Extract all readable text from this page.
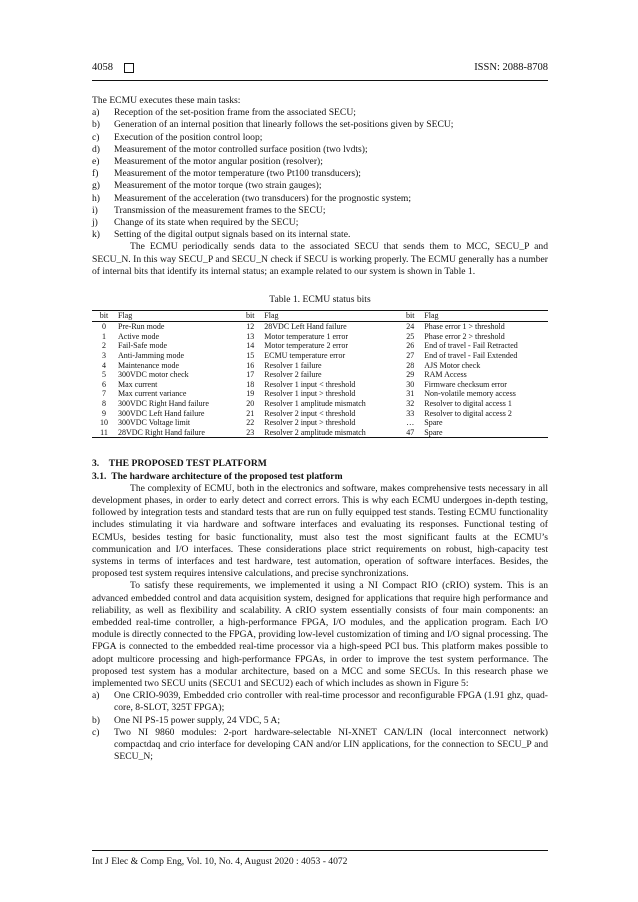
4058	ISSN: 2088-8708

The ECMU executes these main tasks:

a)	Reception of the set-position frame from the associated SECU;
b)	Generation of an internal position that linearly follows the set-positions given by SECU;
c)	Execution of the position control loop;
d)	Measurement of the motor controlled surface position (two lvdts);
e)	Measurement of the motor angular position (resolver);
f)	Measurement of the motor temperature (two Pt100 transducers);
g)	Measurement of the motor torque (two strain gauges);
h)	Measurement of the acceleration (two transducers) for the prognostic system;
i)	Transmission of the measurement frames to the SECU;
j)	Change of its state when required by the SECU;
k)	Setting of the digital output signals based on its internal state.

The ECMU periodically sends data to the associated SECU that sends them to MCC, SECU_P and SECU_N. In this way SECU_P and SECU_N check if SECU is working properly. The ECMU generally has a number of internal bits that identify its internal status; an example related to our system is shown in Table 1.

Table 1. ECMU status bits
bit	Flag	bit	Flag	bit	Flag
0	Pre-Run mode	12	28VDC Left Hand failure	24	Phase error 1 > threshold
1	Active mode	13	Motor temperature 1 error	25	Phase error 2 > threshold
2	Fail-Safe mode	14	Motor temperature 2 error	26	End of travel - Fail Retracted
3	Anti-Jamming mode	15	ECMU temperature error	27	End of travel - Fail Extended
4	Maintenance mode	16	Resolver 1 failure	28	AJS Motor check
5	300VDC motor check	17	Resolver 2 failure	29	RAM Access
6	Max current	18	Resolver 1 input < threshold	30	Firmware checksum error
7	Max current variance	19	Resolver 1 input > threshold	31	Non-volatile memory access
8	300VDC Right Hand failure	20	Resolver 1 amplitude mismatch	32	Resolver to digital access 1
9	300VDC Left Hand failure	21	Resolver 2 input < threshold	33	Resolver to digital access 2
10	300VDC Voltage limit	22	Resolver 2 input > threshold	…	Spare
11	28VDC Right Hand failure	23	Resolver 2 amplitude mismatch	47	Spare
3. THE PROPOSED TEST PLATFORM
3.1. The hardware architecture of the proposed test platform

The complexity of ECMU, both in the electronics and software, makes comprehensive tests necessary in all development phases, in order to early detect and correct errors. This is why each ECMU undergoes in-depth testing, followed by integration tests and standard tests that are run on fully equipped test stands. Testing ECMU functionality includes stimulating it via hardware and software interfaces and evaluating its responses. Functional testing of ECMUs, besides testing for basic functionality, must also test the most significant faults at the ECMU’s communication and I/O interfaces. These considerations place strict requirements on robust, high-capacity test systems in terms of interfaces and test hardware, test automation, operation of software interfaces. Besides, the proposed test system requires intensive calculations, and precise synchronizations.

To satisfy these requirements, we implemented it using a NI Compact RIO (cRIO) system. This is an advanced embedded control and data acquisition system, designed for applications that require high performance and reliability, as well as flexibility and scalability. A cRIO system essentially consists of four main components: an embedded real-time controller, a high-performance FPGA, I/O modules, and the application program. Each I/O module is directly connected to the FPGA, providing low-level customization of timing and I/O signal processing. The FPGA is connected to the embedded real-time processor via a high-speed PCI bus. This platform makes possible to adopt multicore processing and high-performance FPGAs, in order to improve the test system performance. The proposed test system has a modular architecture, based on a MCC and some SECUs. In this research phase we implemented two SECU units (SECU1 and SECU2) each of which includes as shown in Figure 5:

a)	One CRIO-9039, Embedded crio controller with real-time processor and reconfigurable FPGA (1.91 ghz, quad-core, 8-SLOT, 325T FPGA);
b)	One NI PS-15 power supply, 24 VDC, 5 A;
c)	Two NI 9860 modules: 2-port hardware-selectable NI-XNET CAN/LIN (local interconnect network) compactdaq and crio interface for developing CAN and/or LIN applications, for the connection to SECU_P and SECU_N;
Int J Elec & Comp Eng, Vol. 10, No. 4, August 2020 : 4053 - 4072
